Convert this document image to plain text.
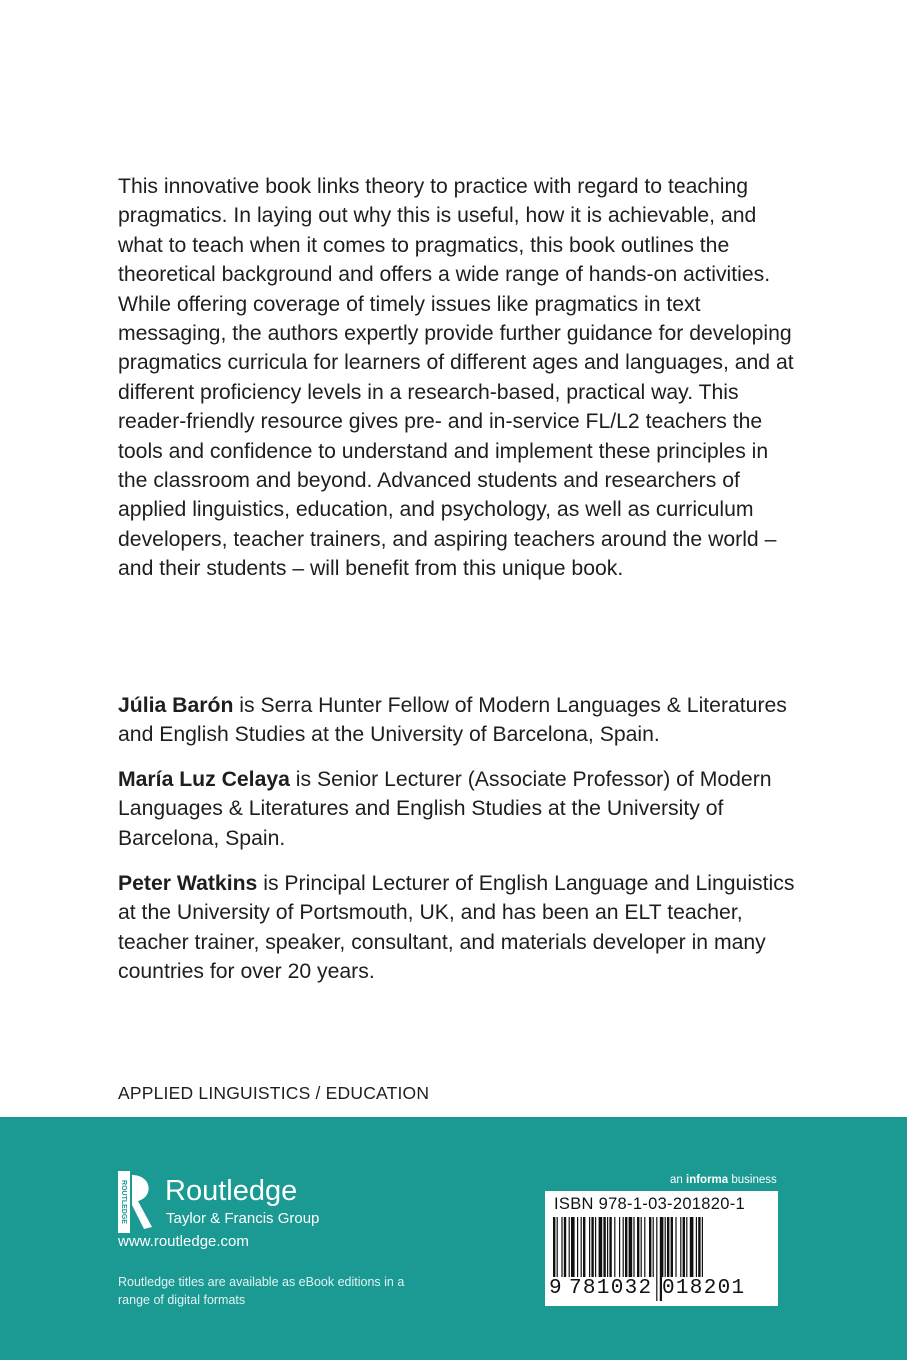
This innovative book links theory to practice with regard to teaching pragmatics. In laying out why this is useful, how it is achievable, and what to teach when it comes to pragmatics, this book outlines the theoretical background and offers a wide range of hands-on activities. While offering coverage of timely issues like pragmatics in text messaging, the authors expertly provide further guidance for developing pragmatics curricula for learners of different ages and languages, and at different proficiency levels in a research-based, practical way. This reader-friendly resource gives pre- and in-service FL/L2 teachers the tools and confidence to understand and implement these principles in the classroom and beyond. Advanced students and researchers of applied linguistics, education, and psychology, as well as curriculum developers, teacher trainers, and aspiring teachers around the world – and their students – will benefit from this unique book.

Júlia Barón is Serra Hunter Fellow of Modern Languages & Literatures and English Studies at the University of Barcelona, Spain.

María Luz Celaya is Senior Lecturer (Associate Professor) of Modern Languages & Literatures and English Studies at the University of Barcelona, Spain.

Peter Watkins is Principal Lecturer of English Language and Linguistics at the University of Portsmouth, UK, and has been an ELT teacher, teacher trainer, speaker, consultant, and materials developer in many countries for over 20 years.

APPLIED LINGUISTICS / EDUCATION

ROUTLEDGE Routledge
Taylor & Francis Group
www.routledge.com

Routledge titles are available as eBook editions in a range of digital formats

an informa business
ISBN 978-1-03-201820-1
9 781032 018201
